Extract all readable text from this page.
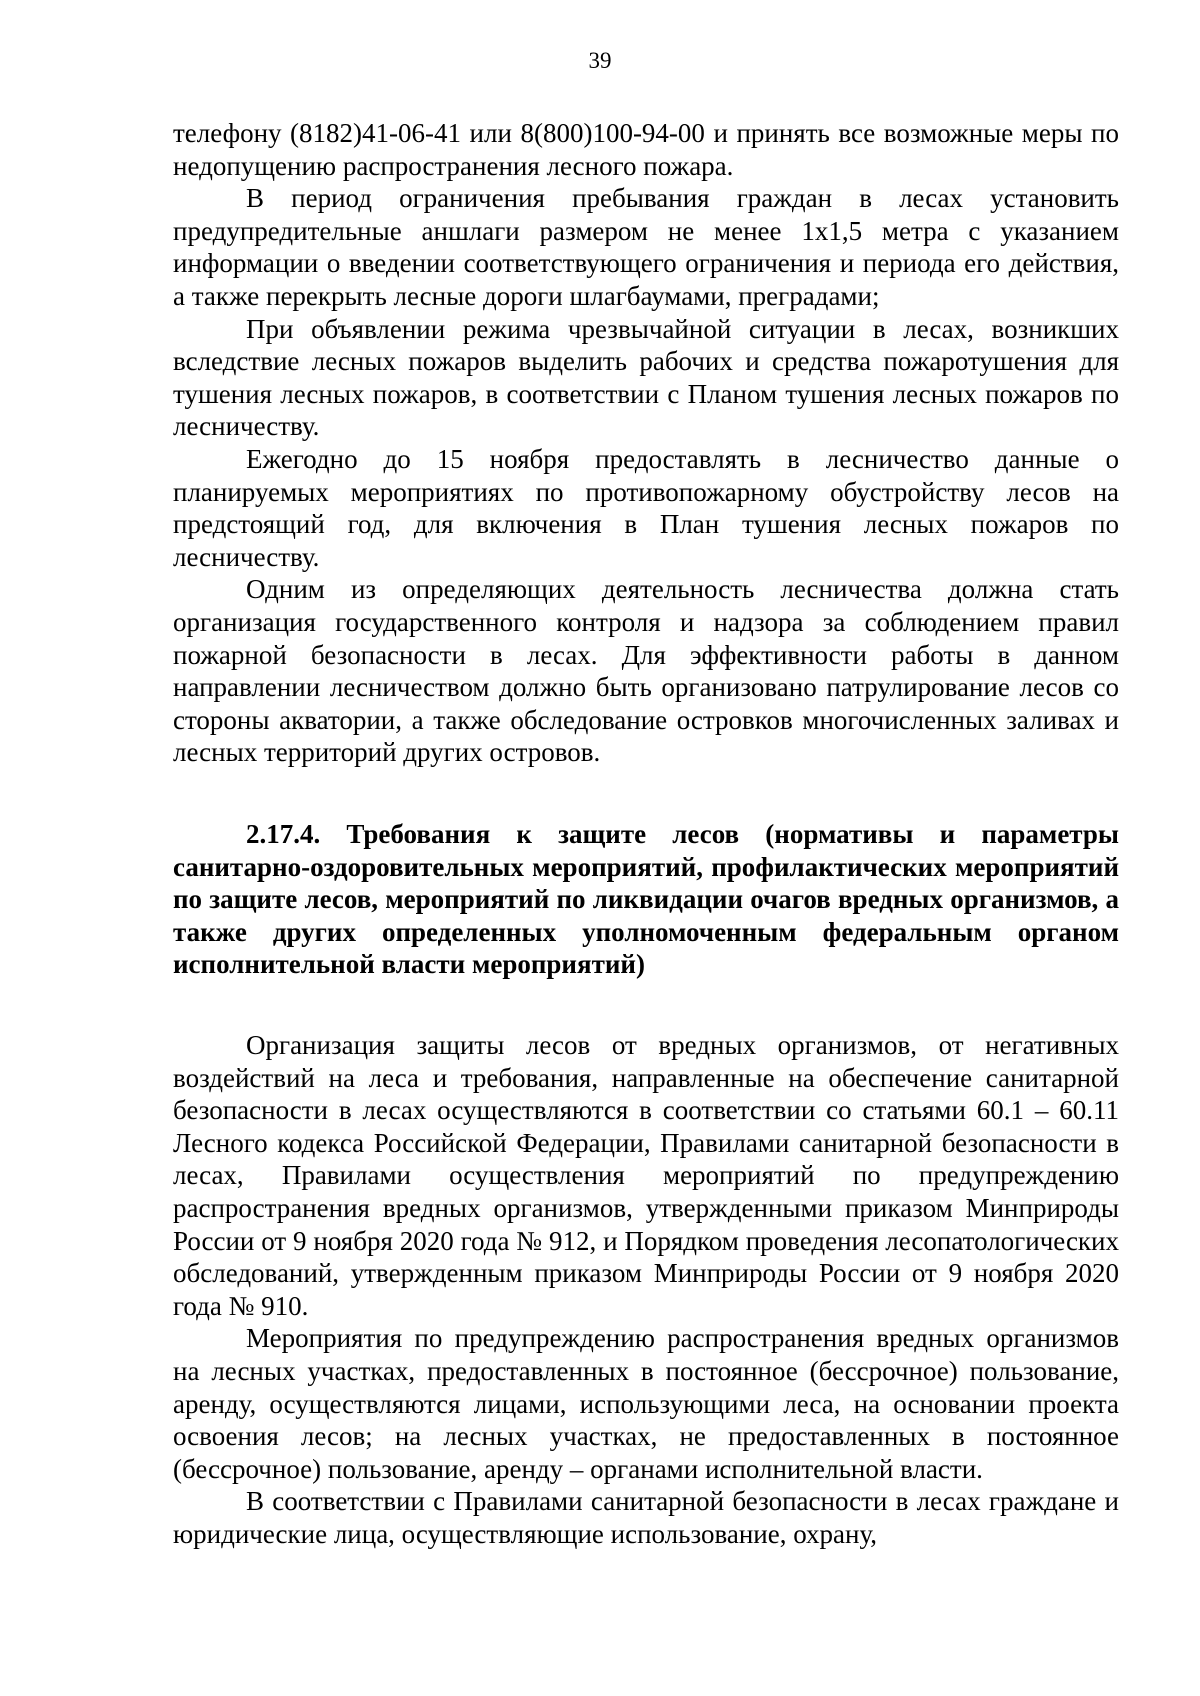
39

телефону (8182)41-06-41 или 8(800)100-94-00 и принять все возможные меры по недопущению распространения лесного пожара.

В период ограничения пребывания граждан в лесах установить предупредительные аншлаги размером не менее 1х1,5 метра с указанием информации о введении соответствующего ограничения и периода его действия, а также перекрыть лесные дороги шлагбаумами, преградами;

При объявлении режима чрезвычайной ситуации в лесах, возникших вследствие лесных пожаров выделить рабочих и средства пожаротушения для тушения лесных пожаров, в соответствии с Планом тушения лесных пожаров по лесничеству.

Ежегодно до 15 ноября предоставлять в лесничество данные о планируемых мероприятиях по противопожарному обустройству лесов на предстоящий год, для включения в План тушения лесных пожаров по лесничеству.

Одним из определяющих деятельность лесничества должна стать организация государственного контроля и надзора за соблюдением правил пожарной безопасности в лесах. Для эффективности работы в данном направлении лесничеством должно быть организовано патрулирование лесов со стороны акватории, а также обследование островков многочисленных заливах и лесных территорий других островов.

2.17.4. Требования к защите лесов (нормативы и параметры санитарно-оздоровительных мероприятий, профилактических мероприятий по защите лесов, мероприятий по ликвидации очагов вредных организмов, а также других определенных уполномоченным федеральным органом исполнительной власти мероприятий)

Организация защиты лесов от вредных организмов, от негативных воздействий на леса и требования, направленные на обеспечение санитарной безопасности в лесах осуществляются в соответствии со статьями 60.1 – 60.11 Лесного кодекса Российской Федерации, Правилами санитарной безопасности в лесах, Правилами осуществления мероприятий по предупреждению распространения вредных организмов, утвержденными приказом Минприроды России от 9 ноября 2020 года № 912, и Порядком проведения лесопатологических обследований, утвержденным приказом Минприроды России от 9 ноября 2020 года № 910.

Мероприятия по предупреждению распространения вредных организмов на лесных участках, предоставленных в постоянное (бессрочное) пользование, аренду, осуществляются лицами, использующими леса, на основании проекта освоения лесов; на лесных участках, не предоставленных в постоянное (бессрочное) пользование, аренду – органами исполнительной власти.

В соответствии с Правилами санитарной безопасности в лесах граждане и юридические лица, осуществляющие использование, охрану,
